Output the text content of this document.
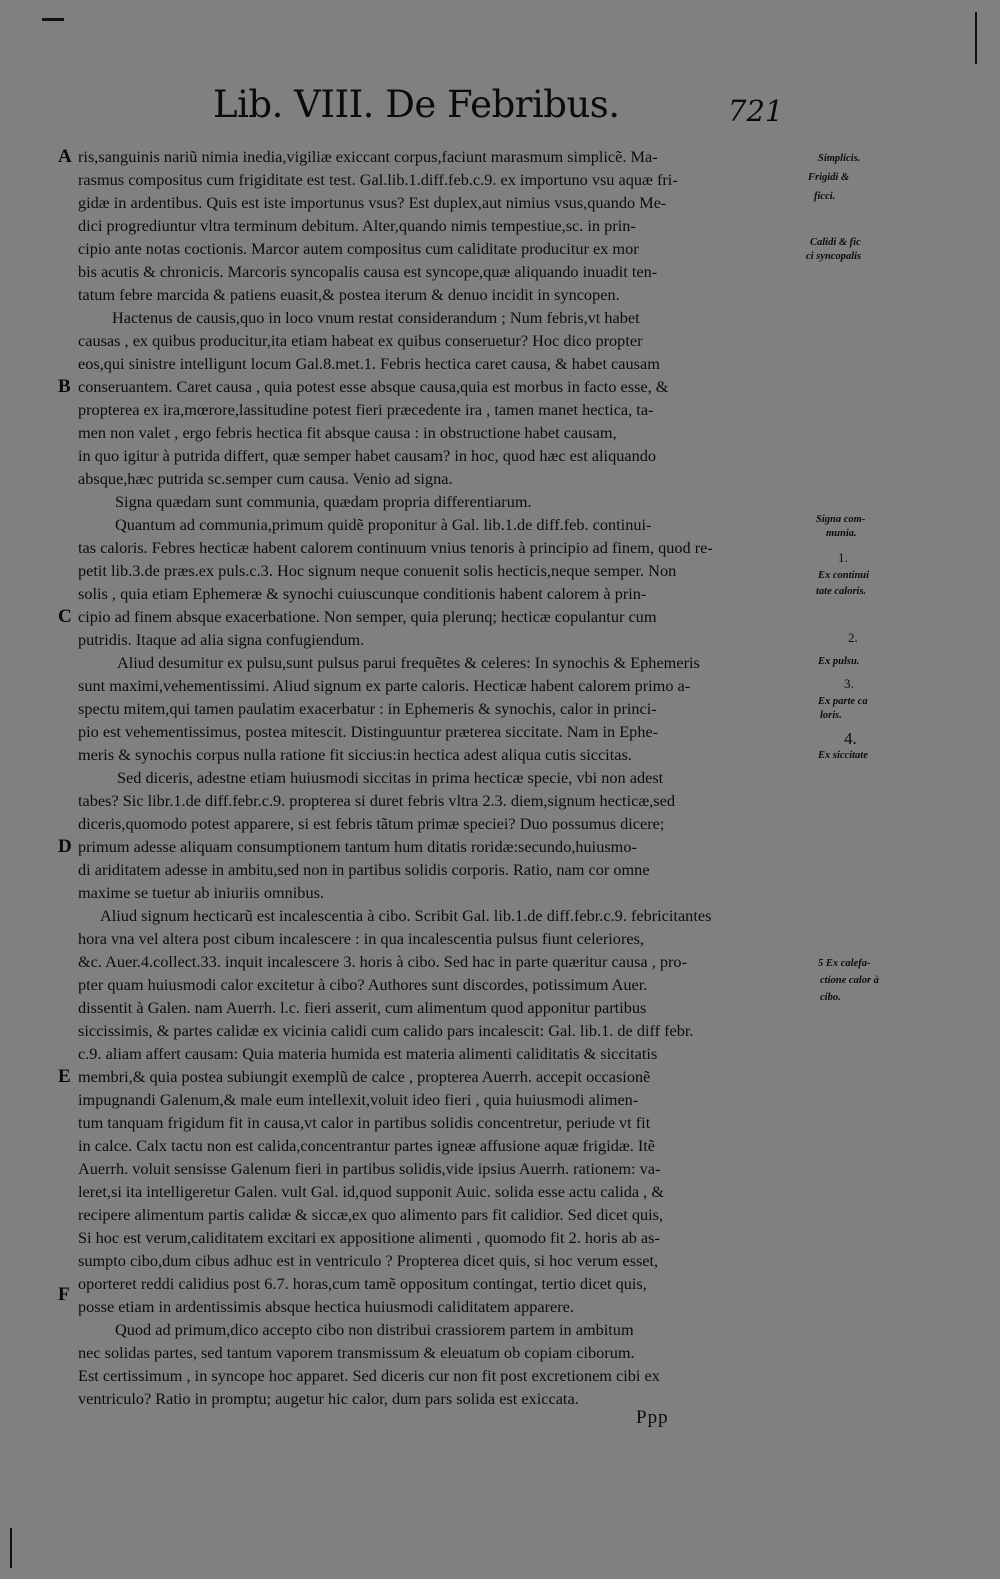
Lib. VIII. De Febribus.	721
ris,sanguinis nariũ nimia inedia,vigiliæ exiccant corpus,faciunt marasmum simplicẽ. Ma-
rasmus compositus cum frigiditate est test. Gal.lib.1.diff.feb.c.9. ex importuno vsu aquæ fri-
gidæ in ardentibus. Quis est iste importunus vsus? Est duplex,aut nimius vsus,quando Me-
dici progrediuntur vltra terminum debitum. Alter,quando nimis tempestiue,sc. in prin-
cipio ante notas coctionis. Marcor autem compositus cum caliditate producitur ex mor
bis acutis & chronicis. Marcoris syncopalis causa est syncope,quæ aliquando inuadit ten-
tatum febre marcida & patiens euasit,& postea iterum & denuo incidit in syncopen.
Hactenus de causis,quo in loco vnum restat considerandum ; Num febris,vt habet
causas , ex quibus producitur,ita etiam habeat ex quibus conseruetur? Hoc dico propter
eos,qui sinistre intelligunt locum Gal.8.met.1. Febris hectica caret causa, & habet causam
conseruantem. Caret causa , quia potest esse absque causa,quia est morbus in facto esse, &
propterea ex ira,mœrore,lassitudine potest fieri præcedente ira , tamen manet hectica, ta-
men non valet , ergo febris hectica fit absque causa : in obstructione habet causam,
in quo igitur à putrida differt, quæ semper habet causam? in hoc, quod hæc est aliquando
absque,hæc putrida sc.semper cum causa. Venio ad signa.
Signa quædam sunt communia, quædam propria differentiarum.
Quantum ad communia,primum quidẽ proponitur à Gal. lib.1.de diff.feb. continui-
tas caloris. Febres hecticæ habent calorem continuum vnius tenoris à principio ad finem, quod re-
petit lib.3.de præs.ex puls.c.3. Hoc signum neque conuenit solis hecticis,neque semper. Non
solis , quia etiam Ephemeræ & synochi cuiuscunque conditionis habent calorem à prin-
cipio ad finem absque exacerbatione. Non semper, quia plerunq; hecticæ copulantur cum
putridis. Itaque ad alia signa confugiendum.
Aliud desumitur ex pulsu,sunt pulsus parui frequẽtes & celeres: In synochis & Ephemeris
sunt maximi,vehementissimi. Aliud signum ex parte caloris. Hecticæ habent calorem primo a-
spectu mitem,qui tamen paulatim exacerbatur : in Ephemeris & synochis, calor in princi-
pio est vehementissimus, postea mitescit. Distinguuntur præterea siccitate. Nam in Ephe-
meris & synochis corpus nulla ratione fit siccius:in hectica adest aliqua cutis siccitas.
Sed diceris, adestne etiam huiusmodi siccitas in prima hecticæ specie, vbi non adest
tabes? Sic libr.1.de diff.febr.c.9. propterea si duret febris vltra 2.3. diem,signum hecticæ,sed
diceris,quomodo potest apparere, si est febris tãtum primæ speciei? Duo possumus dicere;
primum adesse aliquam consumptionem tantum hum ditatis roridæ:secundo,huiusmo-
di ariditatem adesse in ambitu,sed non in partibus solidis corporis. Ratio, nam cor omne
maxime se tuetur ab iniuriis omnibus.
Aliud signum hecticarũ est incalescentia à cibo. Scribit Gal. lib.1.de diff.febr.c.9. febricitantes
hora vna vel altera post cibum incalescere : in qua incalescentia pulsus fiunt celeriores,
&c. Auer.4.collect.33. inquit incalescere 3. horis à cibo. Sed hac in parte quæritur causa , pro-
pter quam huiusmodi calor excitetur à cibo? Authores sunt discordes, potissimum Auer.
dissentit à Galen. nam Auerrh. l.c. fieri asserit, cum alimentum quod apponitur partibus
siccissimis, & partes calidæ ex vicinia calidi cum calido pars incalescit: Gal. lib.1. de diff febr.
c.9. aliam affert causam: Quia materia humida est materia alimenti caliditatis & siccitatis
membri,& quia postea subiungit exemplũ de calce , propterea Auerrh. accepit occasionẽ
impugnandi Galenum,& male eum intellexit,voluit ideo fieri , quia huiusmodi alimen-
tum tanquam frigidum fit in causa,vt calor in partibus solidis concentretur, periude vt fit
in calce. Calx tactu non est calida,concentrantur partes igneæ affusione aquæ frigidæ. Itẽ
Auerrh. voluit sensisse Galenum fieri in partibus solidis,vide ipsius Auerrh. rationem: va-
leret,si ita intelligeretur Galen. vult Gal. id,quod supponit Auic. solida esse actu calida , &
recipere alimentum partis calidæ & siccæ,ex quo alimento pars fit calidior. Sed dicet quis,
Si hoc est verum,caliditatem excitari ex appositione alimenti , quomodo fit 2. horis ab as-
sumpto cibo,dum cibus adhuc est in ventriculo ? Propterea dicet quis, si hoc verum esset,
oporteret reddi calidius post 6.7. horas,cum tamẽ oppositum contingat, tertio dicet quis,
posse etiam in ardentissimis absque hectica huiusmodi caliditatem apparere.
Quod ad primum,dico accepto cibo non distribui crassiorem partem in ambitum
nec solidas partes, sed tantum vaporem transmissum & eleuatum ob copiam ciborum.
Est certissimum , in syncope hoc apparet. Sed diceris cur non fit post excretionem cibi ex
ventriculo? Ratio in promptu; augetur hic calor, dum pars solida est exiccata.
A
B
C
D
E
F
Simplicis.
Frigidi &
ficci.
Calidi & fic
ci syncopalis
Signa com-
munia.
1.
Ex continui
tate caloris.
2.
Ex pulsu.
3.
Ex parte ca
loris.
4.
Ex siccitate
5 Ex calefa-
ctione calor à
cibo.
Ppp
